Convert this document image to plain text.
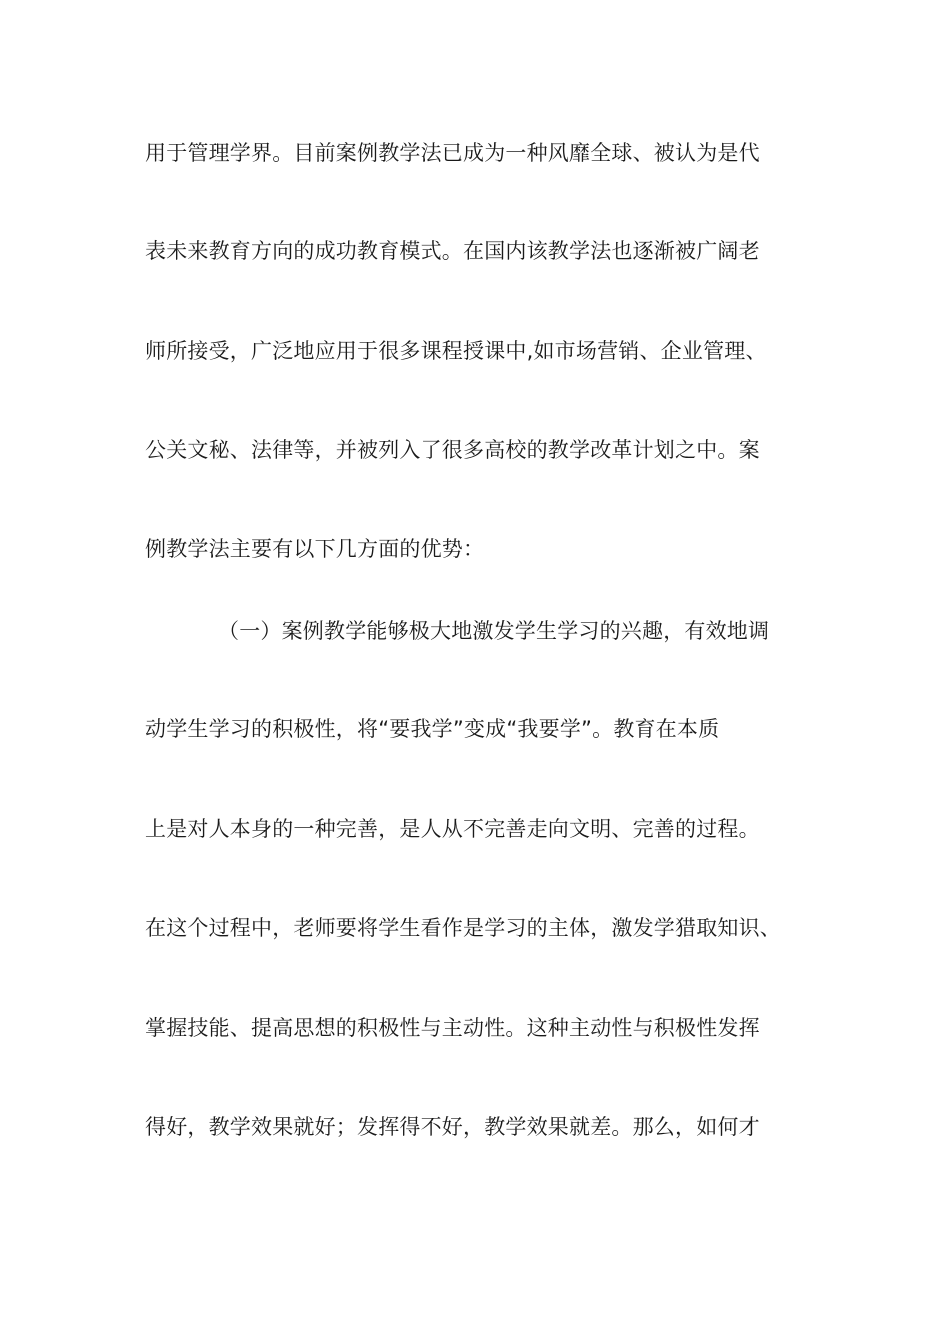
用于管理学界。目前案例教学法已成为一种风靡全球、被认为是代
表未来教育方向的成功教育模式。在国内该教学法也逐渐被广阔老
师所接受，广泛地应用于很多课程授课中,如市场营销、企业管理、
公关文秘、法律等，并被列入了很多高校的教学改革计划之中。案
例教学法主要有以下几方面的优势：
（一）案例教学能够极大地激发学生学习的兴趣，有效地调
动学生学习的积极性，将“要我学”变成“我要学”。教育在本质
上是对人本身的一种完善，是人从不完善走向文明、完善的过程。
在这个过程中，老师要将学生看作是学习的主体，激发学猎取知识、
掌握技能、提高思想的积极性与主动性。这种主动性与积极性发挥
得好，教学效果就好；发挥得不好，教学效果就差。那么，如何才
